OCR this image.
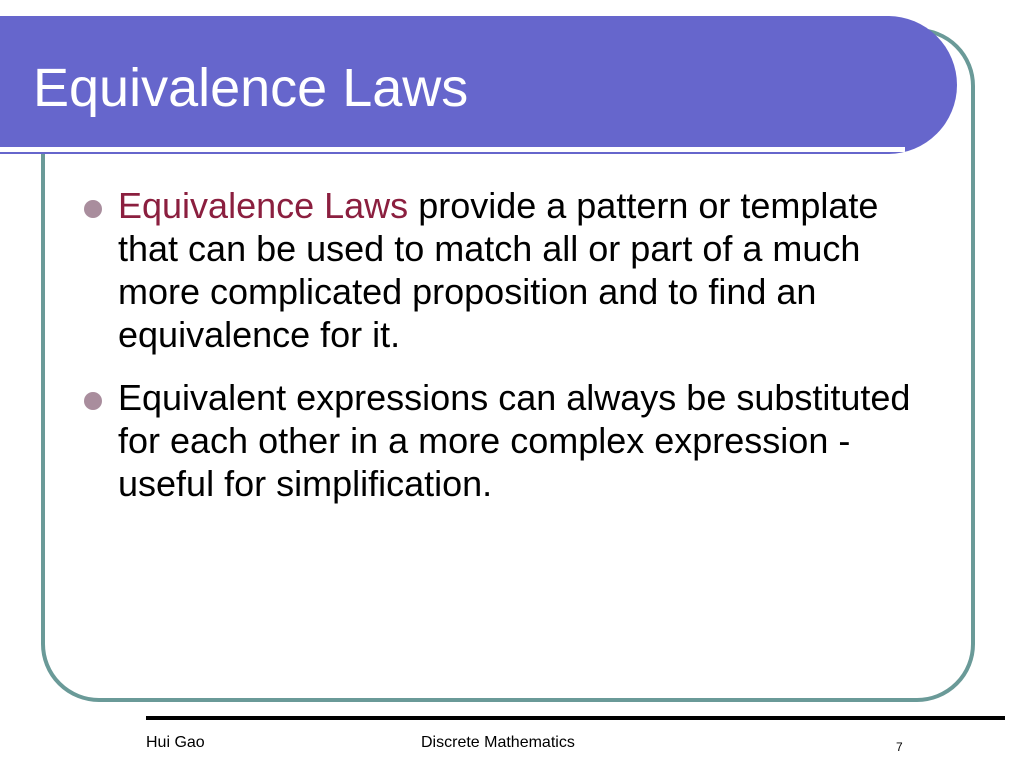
Equivalence Laws
Equivalence Laws provide a pattern or template that can be used to match all or part of a much more complicated proposition and to find an equivalence for it.
Equivalent expressions can always be substituted for each other in a more complex expression - useful for simplification.
Hui Gao	Discrete Mathematics	7
